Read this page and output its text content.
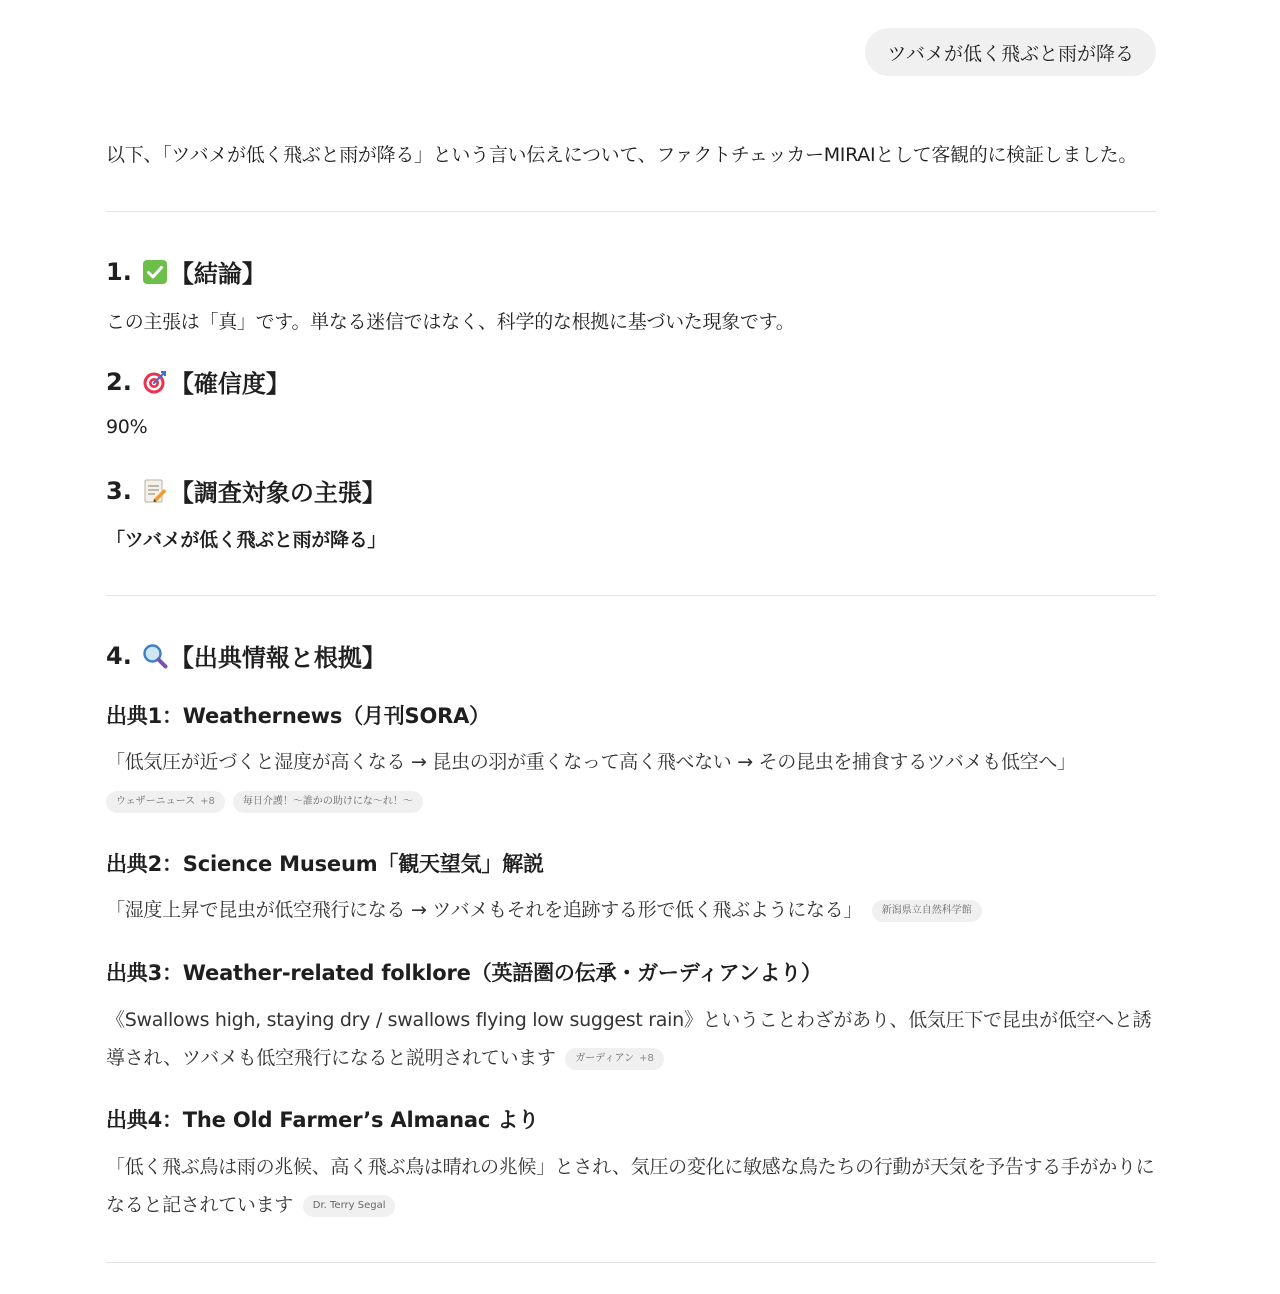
ツバメが低く飛ぶと雨が降る
以下、「ツバメが低く飛ぶと雨が降る」という言い伝えについて、ファクトチェッカーMIRAIとして客観的に検証しました。
1. 【結論】
この主張は「真」です。単なる迷信ではなく、科学的な根拠に基づいた現象です。
2. 【確信度】
90%
3. 【調査対象の主張】
「ツバメが低く飛ぶと雨が降る」
4. 【出典情報と根拠】
出典1：Weathernews（月刊SORA）
「低気圧が近づくと湿度が高くなる → 昆虫の羽が重くなって高く飛べない → その昆虫を捕食するツバメも低空へ」
ウェザーニュース +8	毎日介護！〜誰かの助けにな〜れ！〜
出典2：Science Museum「観天望気」解説
「湿度上昇で昆虫が低空飛行になる → ツバメもそれを追跡する形で低く飛ぶようになる」 新潟県立自然科学館
出典3：Weather-related folklore（英語圏の伝承・ガーディアンより）
《Swallows high, staying dry / swallows flying low suggest rain》ということわざがあり、低気圧下で昆虫が低空へと誘導され、ツバメも低空飛行になると説明されています ガーディアン +8
出典4：The Old Farmer’s Almanac より
「低く飛ぶ鳥は雨の兆候、高く飛ぶ鳥は晴れの兆候」とされ、気圧の変化に敏感な鳥たちの行動が天気を予告する手がかりになると記されています Dr. Terry Segal
